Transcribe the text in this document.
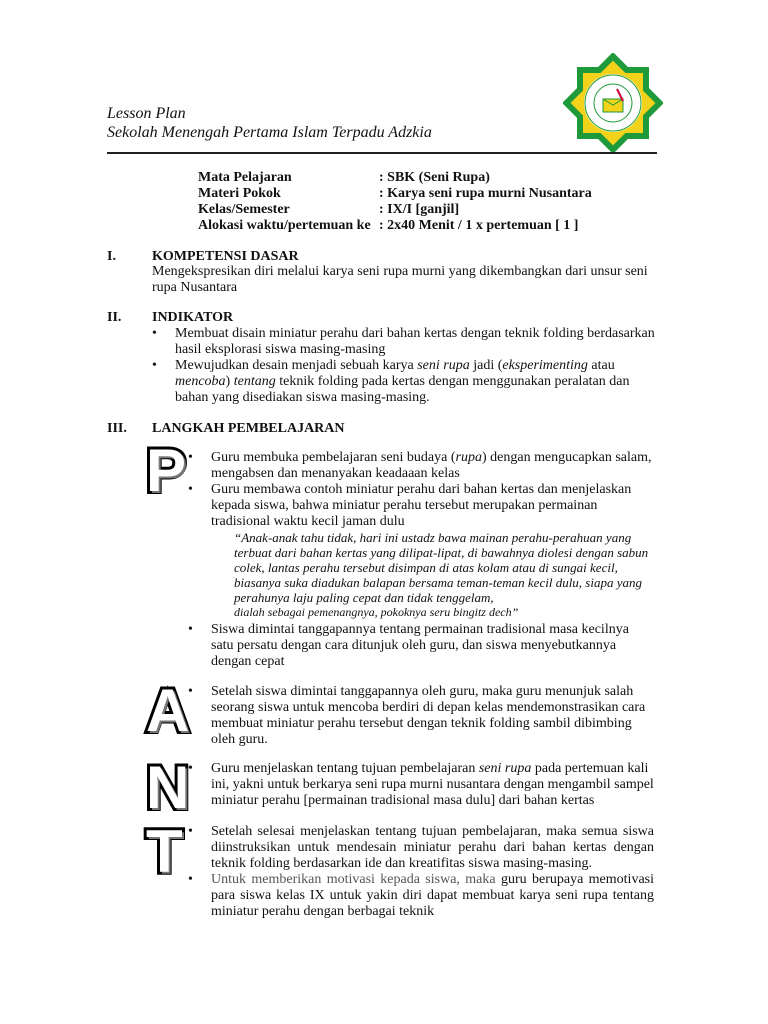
Lesson Plan
Sekolah Menengah Pertama Islam Terpadu Adzkia
Mata Pelajaran	: SBK (Seni Rupa)
Materi Pokok	: Karya seni rupa murni Nusantara
Kelas/Semester	: IX/I [ganjil]
Alokasi waktu/pertemuan ke : 2x40 Menit / 1 x pertemuan [ 1 ]
I.	KOMPETENSI DASAR
Mengekspresikan diri melalui karya seni rupa murni yang dikembangkan dari unsur seni rupa Nusantara
II. INDIKATOR
• Membuat disain miniatur perahu dari bahan kertas dengan teknik folding berdasarkan hasil eksplorasi siswa masing-masing
• Mewujudkan desain menjadi sebuah karya seni rupa jadi (eksperimenting atau mencoba) tentang teknik folding pada kertas dengan menggunakan peralatan dan bahan yang disediakan siswa masing-masing.
III. LANGKAH PEMBELAJARAN
P
A
N
T
• Guru membuka pembelajaran seni budaya (rupa) dengan mengucapkan salam, mengabsen dan menanyakan keadaaan kelas
• Guru membawa contoh miniatur perahu dari bahan kertas dan menjelaskan kepada siswa, bahwa miniatur perahu tersebut merupakan permainan tradisional waktu kecil jaman dulu
“Anak-anak tahu tidak, hari ini ustadz bawa mainan perahu-perahuan yang terbuat dari bahan kertas yang dilipat-lipat, di bawahnya diolesi dengan sabun colek, lantas perahu tersebut disimpan di atas kolam atau di sungai kecil, biasanya suka diadukan balapan bersama teman-teman kecil dulu, siapa yang perahunya laju paling cepat dan tidak tenggelam,
dialah sebagai pemenangnya, pokoknya seru bingitz dech”
• Siswa dimintai tanggapannya tentang permainan tradisional masa kecilnya satu persatu dengan cara ditunjuk oleh guru, dan siswa menyebutkannya dengan cepat
• Setelah siswa dimintai tanggapannya oleh guru, maka guru menunjuk salah seorang siswa untuk mencoba berdiri di depan kelas mendemonstrasikan cara membuat miniatur perahu tersebut dengan teknik folding sambil dibimbing oleh guru.
• Guru menjelaskan tentang tujuan pembelajaran seni rupa pada pertemuan kali ini, yakni untuk berkarya seni rupa murni nusantara dengan mengambil sampel miniatur perahu [permainan tradisional masa dulu] dari bahan kertas
• Setelah selesai menjelaskan tentang tujuan pembelajaran, maka semua siswa diinstruksikan untuk mendesain miniatur perahu dari bahan kertas dengan teknik folding berdasarkan ide dan kreatifitas siswa masing-masing.
• Untuk memberikan motivasi kepada siswa, maka guru berupaya memotivasi para siswa kelas IX untuk yakin diri dapat membuat karya seni rupa tentang miniatur perahu dengan berbagai teknik
